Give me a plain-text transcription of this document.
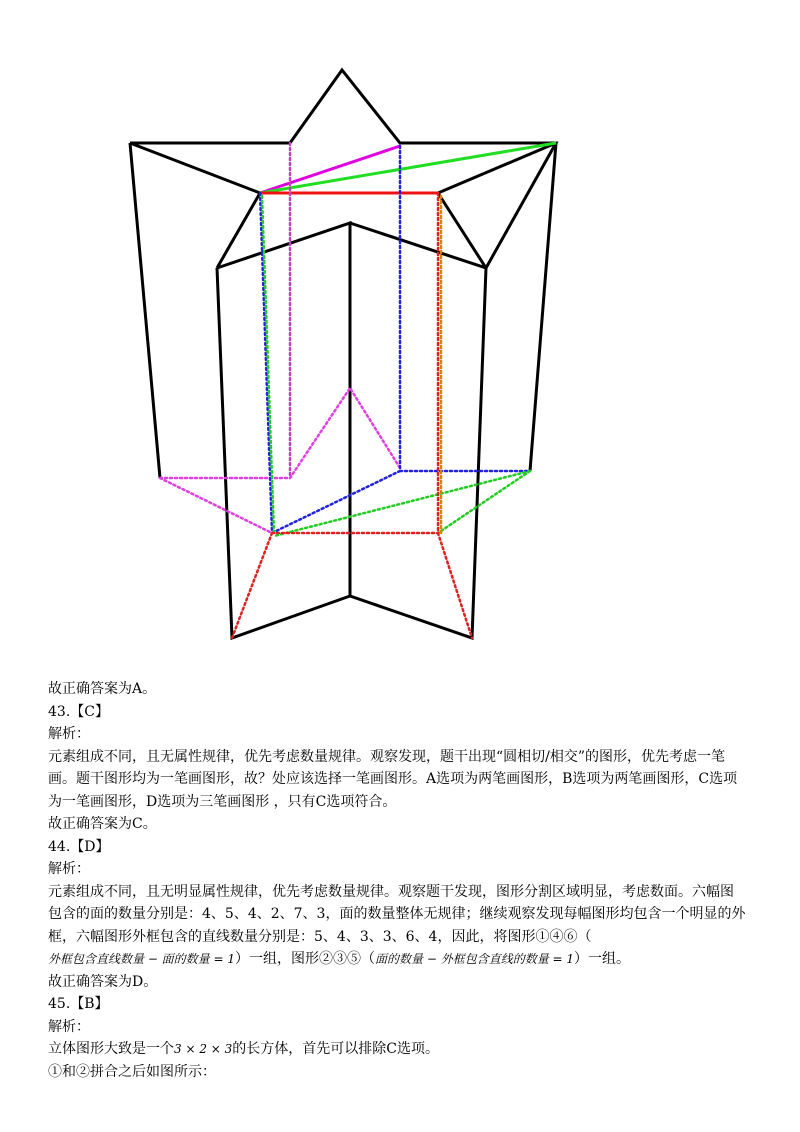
故正确答案为A。
43.【C】
解析：
元素组成不同，且无属性规律，优先考虑数量规律。观察发现，题干出现“圆相切/相交”的图形，优先考虑一笔
画。题干图形均为一笔画图形，故？处应该选择一笔画图形。A选项为两笔画图形，B选项为两笔画图形，C选项
为一笔画图形，D选项为三笔画图形 ，只有C选项符合。
故正确答案为C。
44.【D】
解析：
元素组成不同，且无明显属性规律，优先考虑数量规律。观察题干发现，图形分割区域明显，考虑数面。六幅图
包含的面的数量分别是：4、5、4、2、7、3，面的数量整体无规律；继续观察发现每幅图形均包含一个明显的外
框，六幅图形外框包含的直线数量分别是：5、4、3、3、6、4，因此，将图形①④⑥（
外框包含直线数量 − 面的数量 = 1）一组，图形②③⑤（面的数量 − 外框包含直线的数量 = 1）一组。
故正确答案为D。
45.【B】
解析：
立体图形大致是一个3 × 2 × 3的长方体，首先可以排除C选项。
①和②拼合之后如图所示：
